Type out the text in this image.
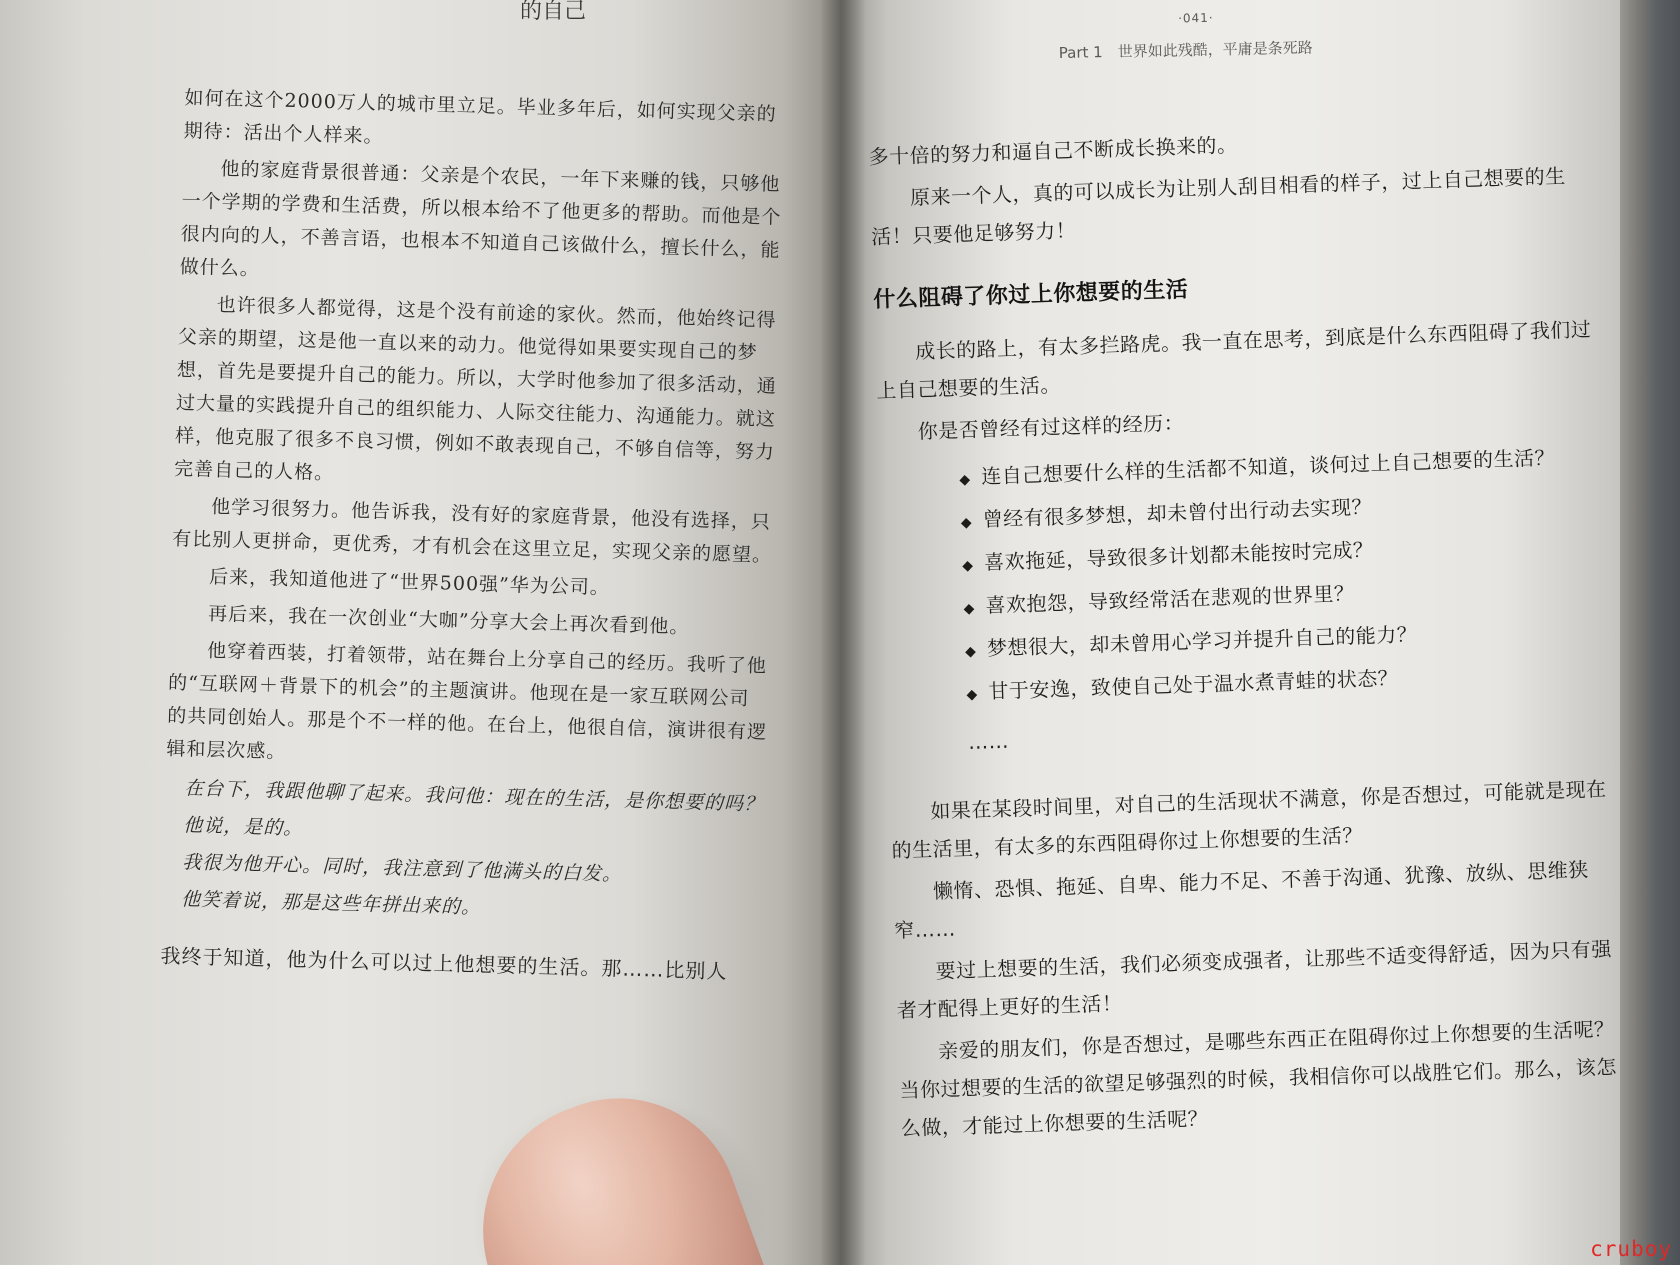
的自己

如何在这个2000万人的城市里立足。毕业多年后，如何实现父亲的期待：活出个人样来。

他的家庭背景很普通：父亲是个农民，一年下来赚的钱，只够他一个学期的学费和生活费，所以根本给不了他更多的帮助。而他是个很内向的人，不善言语，也根本不知道自己该做什么，擅长什么，能做什么。

也许很多人都觉得，这是个没有前途的家伙。然而，他始终记得父亲的期望，这是他一直以来的动力。他觉得如果要实现自己的梦想，首先是要提升自己的能力。所以，大学时他参加了很多活动，通过大量的实践提升自己的组织能力、人际交往能力、沟通能力。就这样，他克服了很多不良习惯，例如不敢表现自己，不够自信等，努力完善自己的人格。

他学习很努力。他告诉我，没有好的家庭背景，他没有选择，只有比别人更拼命，更优秀，才有机会在这里立足，实现父亲的愿望。

后来，我知道他进了“世界500强”华为公司。

再后来，我在一次创业“大咖”分享大会上再次看到他。

他穿着西装，打着领带，站在舞台上分享自己的经历。我听了他的“互联网＋背景下的机会”的主题演讲。他现在是一家互联网公司的共同创始人。那是个不一样的他。在台上，他很自信，演讲很有逻辑和层次感。

在台下，我跟他聊了起来。我问他：现在的生活，是你想要的吗？

他说，是的。

我很为他开心。同时，我注意到了他满头的白发。

他笑着说，那是这些年拼出来的。

我终于知道，他为什么可以过上他想要的生活。那……比别人

·041·
Part 1　世界如此残酷，平庸是条死路

多十倍的努力和逼自己不断成长换来的。

原来一个人，真的可以成长为让别人刮目相看的样子，过上自己想要的生活！只要他足够努力！

什么阻碍了你过上你想要的生活

成长的路上，有太多拦路虎。我一直在思考，到底是什么东西阻碍了我们过上自己想要的生活。

你是否曾经有过这样的经历：

◆ 连自己想要什么样的生活都不知道，谈何过上自己想要的生活？
◆ 曾经有很多梦想，却未曾付出行动去实现？
◆ 喜欢拖延，导致很多计划都未能按时完成？
◆ 喜欢抱怨，导致经常活在悲观的世界里？
◆ 梦想很大，却未曾用心学习并提升自己的能力？
◆ 甘于安逸，致使自己处于温水煮青蛙的状态？

……

如果在某段时间里，对自己的生活现状不满意，你是否想过，可能就是现在的生活里，有太多的东西阻碍你过上你想要的生活？

懒惰、恐惧、拖延、自卑、能力不足、不善于沟通、犹豫、放纵、思维狭窄……

要过上想要的生活，我们必须变成强者，让那些不适变得舒适，因为只有强者才配得上更好的生活！

亲爱的朋友们，你是否想过，是哪些东西正在阻碍你过上你想要的生活呢？当你过想要的生活的欲望足够强烈的时候，我相信你可以战胜它们。那么，该怎么做，才能过上你想要的生活呢？

cruboy
